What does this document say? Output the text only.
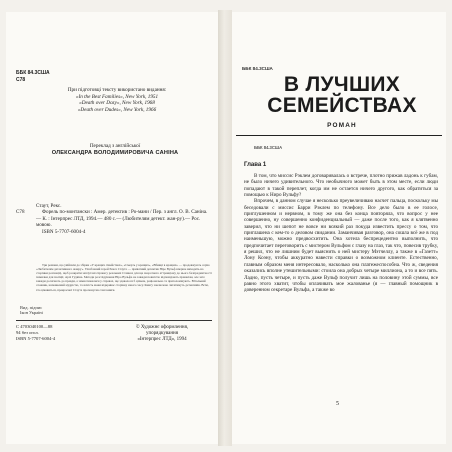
ББК 84.3США
С78
При підготовці тексту використано видання:
«In the Best Families», New York, 1951
«Death over Dozy», New York, 1968
«Death over Dudes», New York, 1966
Переклад з англійської
ОЛЕКСАНДРА ВОЛОДИМИРОВИЧА САНІНА
Стаут, Рекс.
С78	Форель по-монтански : Амер. детектив : Ро-мани / Пер. з англ. О. В. Саніна.— К. : Інтерпрес ЛТД, 1994.— 480 с.— (Любителям детект. жан-ру).— Рос. мовою.
ISBN 5-7707-6004-4
Три романи, що увійшли до збірки «У кращих сімействах», «Смерть у кращих», «Вбивці в кращих» — продовжують серію «Любителям детективного жанру». Улюблений герой Рекса Стаута — приватний детектив Ніро Вульф вперше виходить на сторінки розповіді, щоб розкрити заплутані справи у реальних Ставках для ще зворотного аттракціону до нього безпредметності помилки для поліції, Арчі Гудвіна. Методи розслідування Ніро Вульфа не завжди повністю відповідають правилам, але зате завжди досягають до правди, а замислювалися у справах, ще здавалося б цілком, раціонально та приголомшують. Вітальний словник, наповнений мудрістю, та ясність мови відкриває сторінку юного часу. Книгу заключено читатимуть детективів. Всім, хто цікавиться, прекрасної Стаута пропонуємо такі книги.
Вид. підпис
Ікон Україні
С 4703040100—88
94 без огол.
ISBN 5-7707-6004-4
© Художнє оформлення,
упорядкування
«Інтерпрес ЛТД», 1994
ББК 84.3США
В ЛУЧШИХ
СЕМЕЙСТВАХ
РОМАН
ББК 84.3США
Глава 1

В том, что миссис Рэклем договаривалась о встрече, плотно прижав ладонь к губам, не было ничего удивительного. Что необычного может быть в этом месте, если люди попадают в такой переплет, когда им не остается ничего другого, как обратиться за помощью к Ниро Вульфу?

Впрочем, в данном случае я несколько преувеличиваю насчет пальца, поскольку мы беседовали с миссис Барри Рэклем по телефону. Все дело было в ее голосе, приглушенном и нервном, в тому же она без конца повторяла, что вопрос у нее совершенно, ну совершенно конфиденциальный — даже после того, как я клятвенно заверил, что ни шепот не вовсе ни всякий раз покуда известить прессу о том, что приглашена с кем-то о деловом свидании. Заманчивая разговор, она сошла всё же в под наименьшую, можно предвосхитить. Она хотела беспрецедентно выполнить, что предпочитает переговорить с мистером Вульфом с глазу на глаз, так что, повесив трубку, я решил, что не лишним будет выяснить о ней мистеру Мэтчеллу, а также в «Газетт» Лону Коэну, чтобы аккуратно навести справки о возможном клиенте. Естественно, главным образом меня интересовало, насколько она платежеспособна. Что ж, сведения оказались вполне утешительными: стоила она добрых четыре миллиона, а то и все пять. Ладно, пусть четыре, и пусть даже Вульф получит лишь на половину этой суммы, все равно этого хватит, чтобы оплачивать мое жалованье (я — главный помощник в доверенном секретаре Вульфа, а также во

5
